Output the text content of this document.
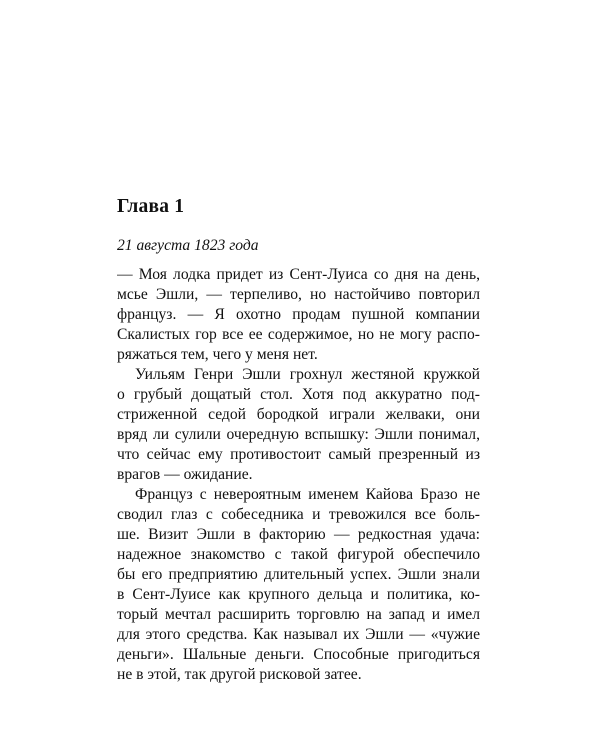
Глава 1

21 августа 1823 года

— Моя лодка придет из Сент-Луиса со дня на день,
мсье Эшли, — терпеливо, но настойчиво повторил
француз. — Я охотно продам пушной компании
Скалистых гор все ее содержимое, но не могу распо-
ряжаться тем, чего у меня нет.
Уильям Генри Эшли грохнул жестяной кружкой
о грубый дощатый стол. Хотя под аккуратно под-
стриженной седой бородкой играли желваки, они
вряд ли сулили очередную вспышку: Эшли понимал,
что сейчас ему противостоит самый презренный из
врагов — ожидание.
Француз с невероятным именем Кайова Бразо не
сводил глаз с собеседника и тревожился все боль-
ше. Визит Эшли в факторию — редкостная удача:
надежное знакомство с такой фигурой обеспечило
бы его предприятию длительный успех. Эшли знали
в Сент-Луисе как крупного дельца и политика, ко-
торый мечтал расширить торговлю на запад и имел
для этого средства. Как называл их Эшли — «чужие
деньги». Шальные деньги. Способные пригодиться
не в этой, так другой рисковой затее.
